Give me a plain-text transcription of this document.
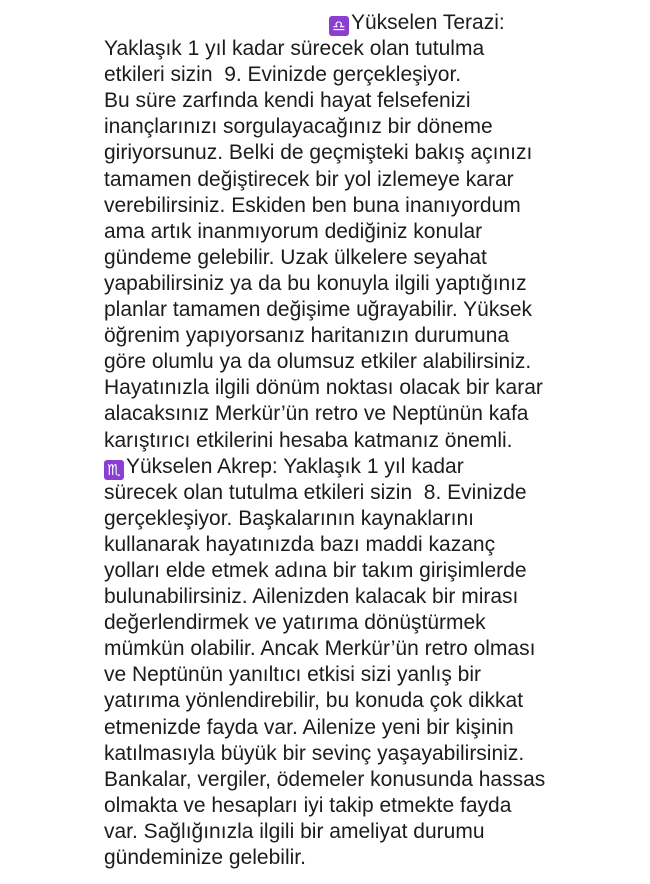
♎ Yükselen Terazi:
Yaklaşık 1 yıl kadar sürecek olan tutulma
etkileri sizin  9. Evinizde gerçekleşiyor.
Bu süre zarfında kendi hayat felsefenizi
inançlarınızı sorgulayacağınız bir döneme
giriyorsunuz. Belki de geçmişteki bakış açınızı
tamamen değiştirecek bir yol izlemeye karar
verebilirsiniz. Eskiden ben buna inanıyordum
ama artık inanmıyorum dediğiniz konular
gündeme gelebilir. Uzak ülkelere seyahat
yapabilirsiniz ya da bu konuyla ilgili yaptığınız
planlar tamamen değişime uğrayabilir. Yüksek
öğrenim yapıyorsanız haritanızın durumuna
göre olumlu ya da olumsuz etkiler alabilirsiniz.
Hayatınızla ilgili dönüm noktası olacak bir karar
alacaksınız Merkür’ün retro ve Neptünün kafa
karıştırıcı etkilerini hesaba katmanız önemli.
♏ Yükselen Akrep: Yaklaşık 1 yıl kadar
sürecek olan tutulma etkileri sizin  8. Evinizde
gerçekleşiyor. Başkalarının kaynaklarını
kullanarak hayatınızda bazı maddi kazanç
yolları elde etmek adına bir takım girişimlerde
bulunabilirsiniz. Ailenizden kalacak bir mirası
değerlendirmek ve yatırıma dönüştürmek
mümkün olabilir. Ancak Merkür’ün retro olması
ve Neptünün yanıltıcı etkisi sizi yanlış bir
yatırıma yönlendirebilir, bu konuda çok dikkat
etmenizde fayda var. Ailenize yeni bir kişinin
katılmasıyla büyük bir sevinç yaşayabilirsiniz.
Bankalar, vergiler, ödemeler konusunda hassas
olmakta ve hesapları iyi takip etmekte fayda
var. Sağlığınızla ilgili bir ameliyat durumu
gündeminize gelebilir.
